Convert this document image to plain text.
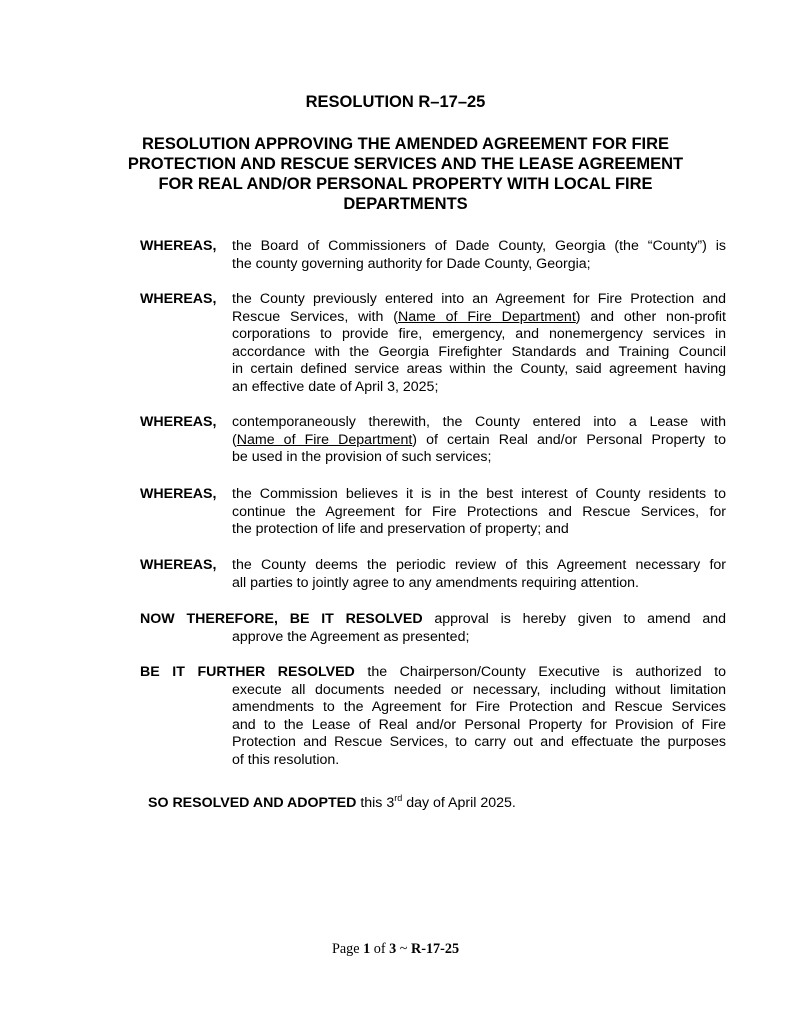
RESOLUTION R–17–25
RESOLUTION APPROVING THE AMENDED AGREEMENT FOR FIRE
PROTECTION AND RESCUE SERVICES AND THE LEASE AGREEMENT
FOR REAL AND/OR PERSONAL PROPERTY WITH LOCAL FIRE
DEPARTMENTS
WHEREAS, the Board of Commissioners of Dade County, Georgia (the “County”) is
the county governing authority for Dade County, Georgia;
WHEREAS, the County previously entered into an Agreement for Fire Protection and
Rescue Services, with (Name of Fire Department) and other non-profit
corporations to provide fire, emergency, and nonemergency services in
accordance with the Georgia Firefighter Standards and Training Council
in certain defined service areas within the County, said agreement having
an effective date of April 3, 2025;
WHEREAS, contemporaneously therewith, the County entered into a Lease with
(Name of Fire Department) of certain Real and/or Personal Property to
be used in the provision of such services;
WHEREAS, the Commission believes it is in the best interest of County residents to
continue the Agreement for Fire Protections and Rescue Services, for
the protection of life and preservation of property; and
WHEREAS, the County deems the periodic review of this Agreement necessary for
all parties to jointly agree to any amendments requiring attention.
NOW THEREFORE, BE IT RESOLVED approval is hereby given to amend and
approve the Agreement as presented;
BE IT FURTHER RESOLVED the Chairperson/County Executive is authorized to
execute all documents needed or necessary, including without limitation
amendments to the Agreement for Fire Protection and Rescue Services
and to the Lease of Real and/or Personal Property for Provision of Fire
Protection and Rescue Services, to carry out and effectuate the purposes
of this resolution.
SO RESOLVED AND ADOPTED this 3rd day of April 2025.
Page 1 of 3 ~ R-17-25
